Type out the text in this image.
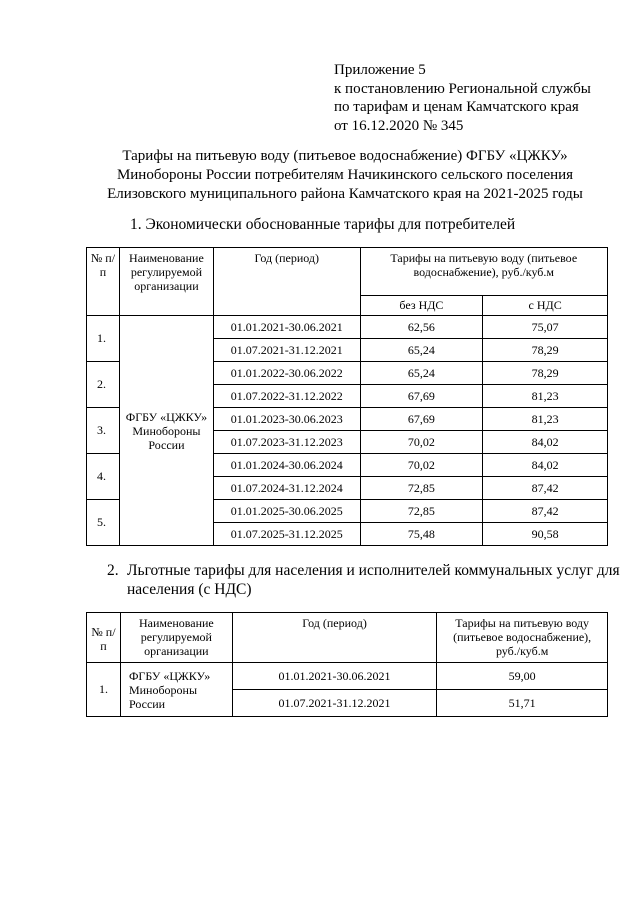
Приложение 5
к постановлению Региональной службы
по тарифам и ценам Камчатского края
от 16.12.2020 № 345
Тарифы на питьевую воду (питьевое водоснабжение) ФГБУ «ЦЖКУ»
Минобороны России потребителям Начикинского сельского поселения
Елизовского муниципального района Камчатского края на 2021-2025 годы
1. Экономически обоснованные тарифы для потребителей
№ п/п	Наименование регулируемой организации	Год (период)	Тарифы на питьевую воду (питьевое водоснабжение), руб./куб.м	
			без НДС	с НДС
1.	ФГБУ «ЦЖКУ» Минобороны России	01.01.2021-30.06.2021	62,56	75,07
		01.07.2021-31.12.2021	65,24	78,29
2.		01.01.2022-30.06.2022	65,24	78,29
		01.07.2022-31.12.2022	67,69	81,23
3.		01.01.2023-30.06.2023	67,69	81,23
		01.07.2023-31.12.2023	70,02	84,02
4.		01.01.2024-30.06.2024	70,02	84,02
		01.07.2024-31.12.2024	72,85	87,42
5.		01.01.2025-30.06.2025	72,85	87,42
		01.07.2025-31.12.2025	75,48	90,58
2. Льготные тарифы для населения и исполнителей коммунальных услуг для
населения (с НДС)
№ п/п	Наименование регулируемой организации	Год (период)	Тарифы на питьевую воду (питьевое водоснабжение), руб./куб.м
1.	ФГБУ «ЦЖКУ» Минобороны России	01.01.2021-30.06.2021	59,00
		01.07.2021-31.12.2021	51,71
